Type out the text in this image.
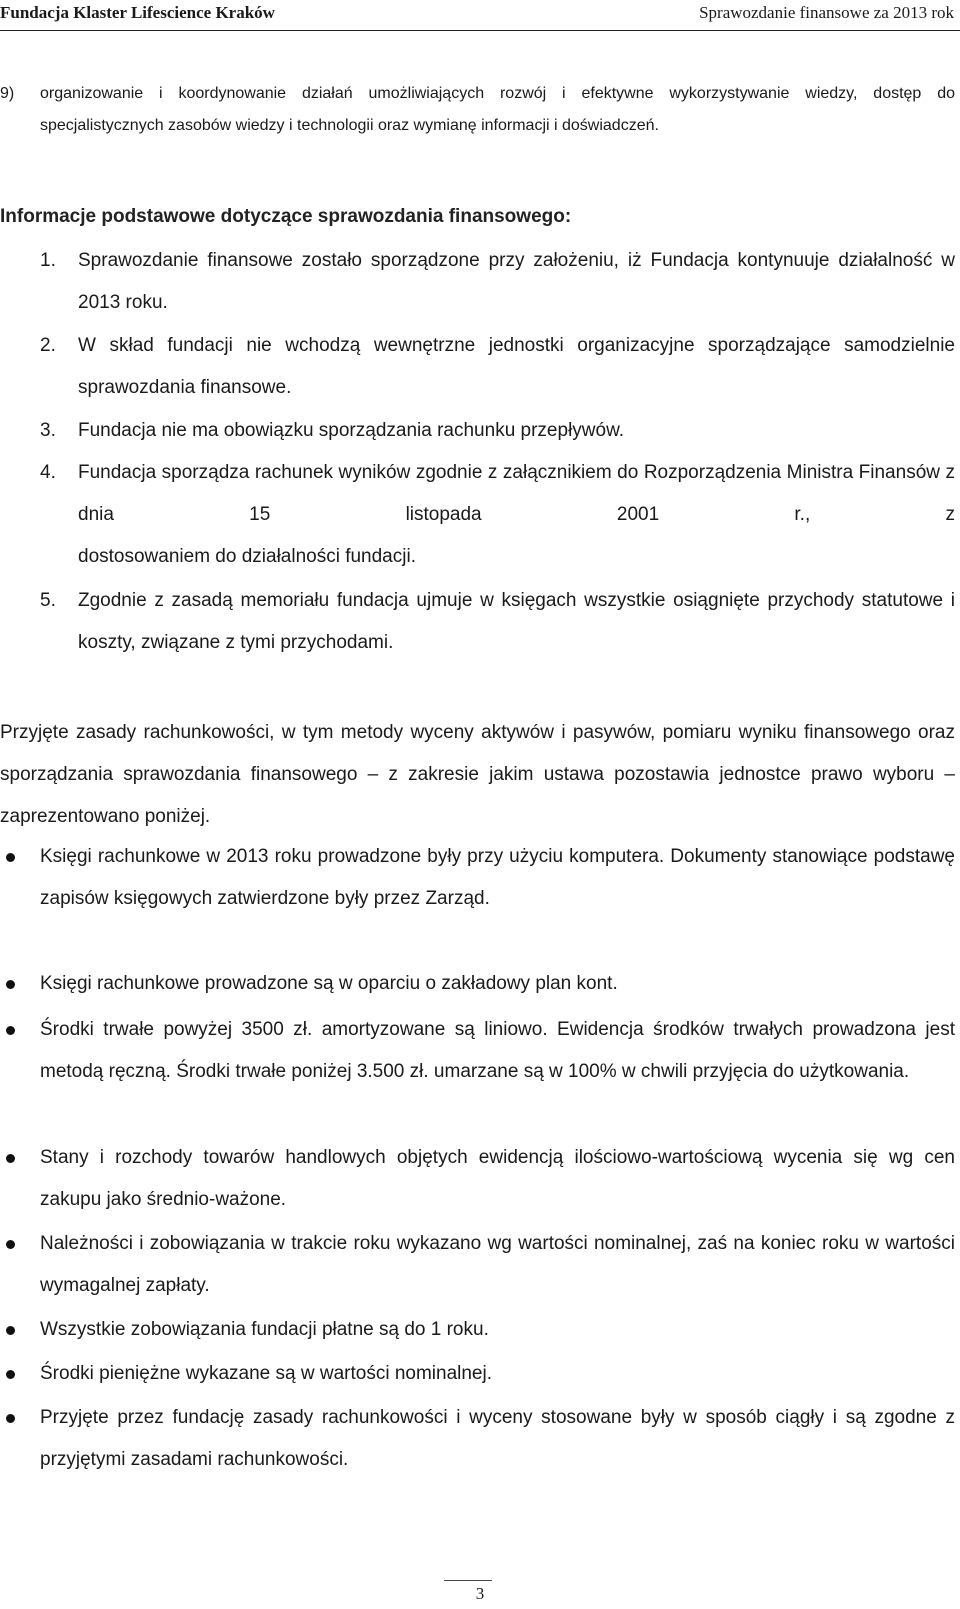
Fundacja Klaster Lifescience Kraków	Sprawozdanie finansowe za 2013 rok
9) organizowanie i koordynowanie działań umożliwiających rozwój i efektywne wykorzystywanie wiedzy, dostęp do specjalistycznych zasobów wiedzy i technologii oraz wymianę informacji i doświadczeń.
Informacje podstawowe dotyczące sprawozdania finansowego:
1. Sprawozdanie finansowe zostało sporządzone przy założeniu, iż Fundacja kontynuuje działalność w 2013 roku.
2. W skład fundacji nie wchodzą wewnętrzne jednostki organizacyjne sporządzające samodzielnie sprawozdania finansowe.
3. Fundacja nie ma obowiązku sporządzania rachunku przepływów.
4. Fundacja sporządza rachunek wyników zgodnie z załącznikiem do Rozporządzenia Ministra Finansów z dnia 15 listopada 2001 r., z
dostosowaniem do działalności fundacji.
5. Zgodnie z zasadą memoriału fundacja ujmuje w księgach wszystkie osiągnięte przychody statutowe i koszty, związane z tymi przychodami.
Przyjęte zasady rachunkowości, w tym metody wyceny aktywów i pasywów, pomiaru wyniku finansowego oraz sporządzania sprawozdania finansowego – z zakresie jakim ustawa pozostawia jednostce prawo wyboru –zaprezentowano poniżej.
Księgi rachunkowe w 2013 roku prowadzone były przy użyciu komputera. Dokumenty stanowiące podstawę zapisów księgowych zatwierdzone były przez Zarząd.
Księgi rachunkowe prowadzone są w oparciu o zakładowy plan kont.
Środki trwałe powyżej 3500 zł. amortyzowane są liniowo. Ewidencja środków trwałych prowadzona jest metodą ręczną. Środki trwałe poniżej 3.500 zł. umarzane są w 100% w chwili przyjęcia do użytkowania.
Stany i rozchody towarów handlowych objętych ewidencją ilościowo-wartościową wycenia się wg cen zakupu jako średnio-ważone.
Należności i zobowiązania w trakcie roku wykazano wg wartości nominalnej, zaś na koniec roku w wartości wymagalnej zapłaty.
Wszystkie zobowiązania fundacji płatne są do 1 roku.
Środki pieniężne wykazane są w wartości nominalnej.
Przyjęte przez fundację zasady rachunkowości i wyceny stosowane były w sposób ciągły i są zgodne z przyjętymi zasadami rachunkowości.
3
